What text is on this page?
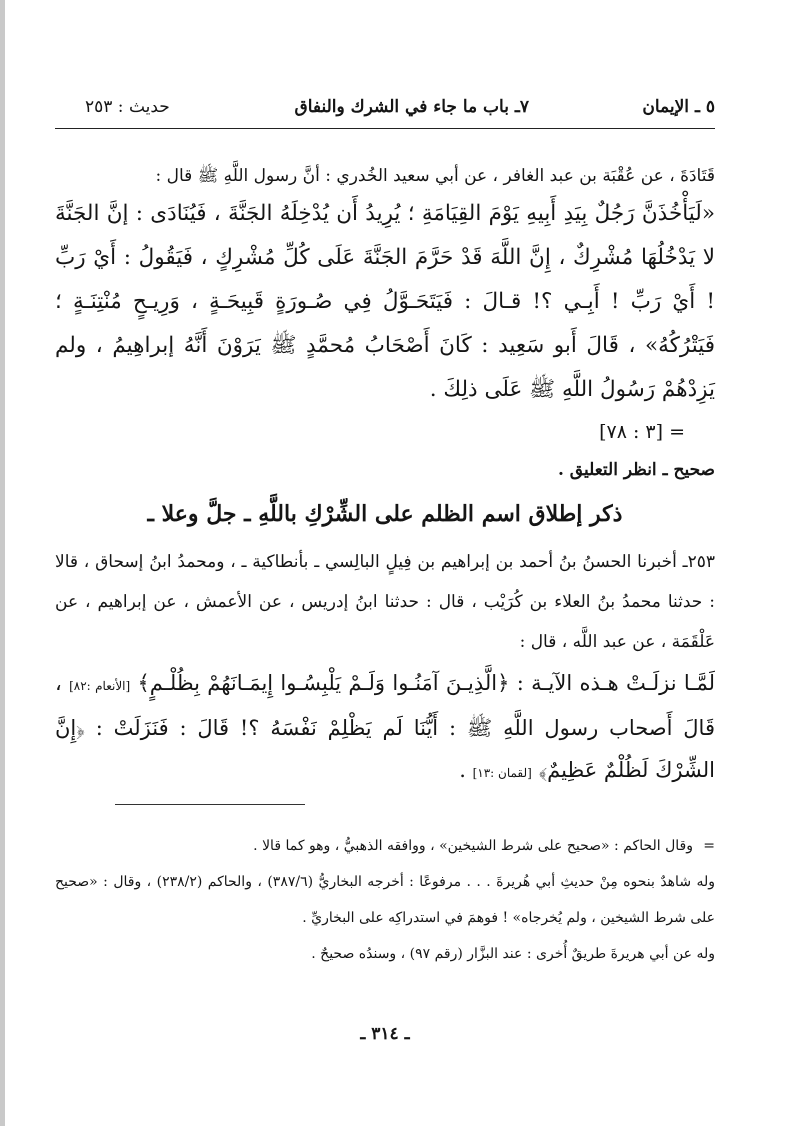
٥ ـ الإيمان
٧ـ باب ما جاء في الشرك والنفاق
حديث : ٢٥٣

قَتَادَةَ ، عن عُقْبَة بن عبد الغافر ، عن أبي سعيد الخُدري : أنَّ رسول اللَّهِ ﷺ قال :

«لَيَأْخُذَنَّ رَجُلٌ بِيَدِ أَبِيهِ يَوْمَ القِيَامَةِ ؛ يُرِيدُ أَن يُدْخِلَهُ الجَنَّةَ ، فَيُنَادَى : إنَّ الجَنَّةَ لا يَدْخُلُهَا مُشْرِكٌ ، إِنَّ اللَّهَ قَدْ حَرَّمَ الجَنَّةَ عَلَى كُلِّ مُشْرِكٍ ، فَيَقُولُ : أَيْ رَبِّ ! أَيْ رَبِّ ! أَبِـي ؟! قـالَ : فَيَتَحَـوَّلُ فِي صُـورَةٍ قَبِيحَـةٍ ، وَرِيـحٍ مُنْتِنَـةٍ ؛ فَيَتْرُكُهُ» ، قَالَ أَبو سَعِيد : كَانَ أَصْحَابُ مُحمَّدٍ ﷺ يَرَوْنَ أَنَّهُ إبراهِيمُ ، ولم يَزِدْهُمْ رَسُولُ اللَّهِ ﷺ عَلَى ذلِكَ .

= [٣ : ٧٨]

صحيح ـ انظر التعليق .

ذكر إطلاق اسم الظلم على الشِّرْكِ باللَّهِ ـ جلَّ وعلا ـ

٢٥٣ـ أخبرنا الحسنُ بنُ أحمد بن إبراهيم بن فِيلٍ البالِسي ـ بأنطاكية ـ ، ومحمدُ ابنُ إسحاق ، قالا : حدثنا محمدُ بنُ العلاء بن كُرَيْب ، قال : حدثنا ابنُ إدريس ، عن الأعمش ، عن إبراهيم ، عن عَلْقَمَة ، عن عبد اللَّه ، قال :

لَمَّـا نزلَـتْ هـذه الآيـة : ﴿الَّذِيـنَ آمَنُـوا وَلَـمْ يَلْبِسُـوا إِيمَـانَهُمْ بِظُلْـمٍ﴾ [الأنعام :٨٢] ، قَالَ أَصحاب رسول اللَّهِ ﷺ : أَيُّنَا لَم يَظْلِمْ نَفْسَهُ ؟! قَالَ : فَنَزَلَتْ : ﴿إِنَّ الشِّرْكَ لَظُلْمٌ عَظِيمٌ﴾ [لقمان :١٣] .

=وقال الحاكم : «صحيح على شرط الشيخين» ، ووافقه الذهبيُّ ، وهو كما قالا .

وله شاهدٌ بنحوه مِنْ حديثِ أبي هُريرةَ . . . مرفوعًا : أخرجه البخاريُّ (٣٨٧/٦) ، والحاكم (٢٣٨/٢) ، وقال : «صحيح على شرط الشيخين ، ولم يُخرجاه» ! فوهمَ في استدراكِه على البخاريِّ .

وله عن أبي هريرةَ طريقٌ أُخرى : عند البزَّار (رقم ٩٧) ، وسندُه صحيحٌ .

ـ ٣١٤ ـ
